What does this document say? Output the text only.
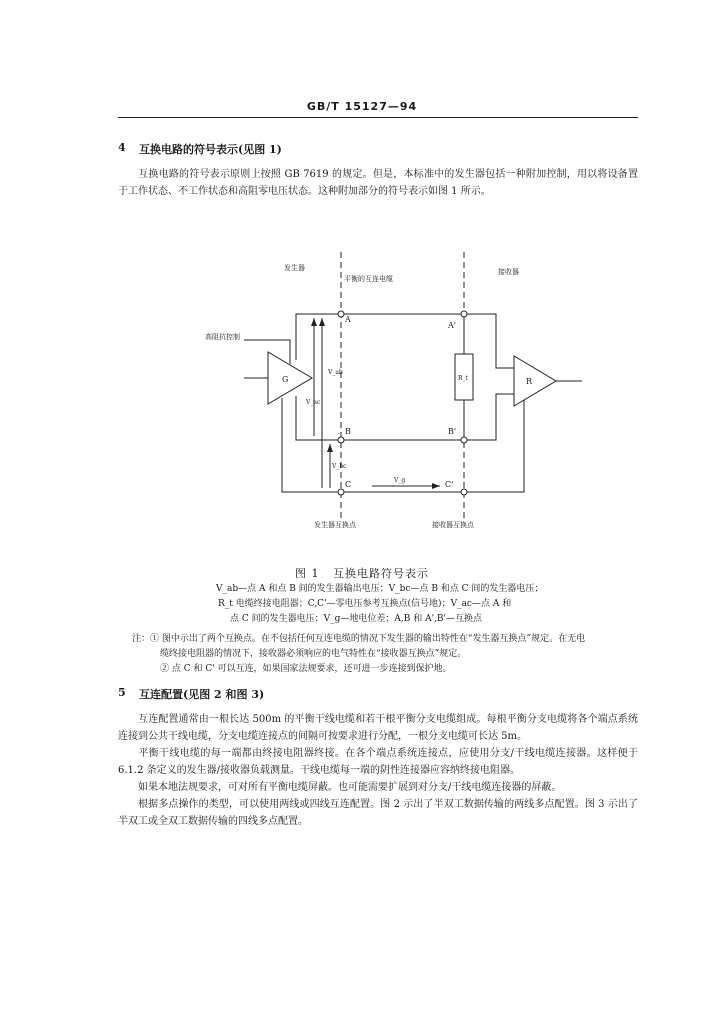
GB/T 15127—94
4 互换电路的符号表示(见图 1)
互换电路的符号表示原则上按照 GB 7619 的规定。但是，本标准中的发生器包括一种附加控制，用以将设备置于工作状态、不工作状态和高阻零电压状态。这种附加部分的符号表示如图 1 所示。
发生器
平衡的互连电缆
接收器
高阻抗控制
发生器互换点	接收器互换点
A
A'
B	B'
C	C'
G	R
R_t
V_ab
V_ac
V_bc
V_g
图 1 互换电路符号表示
V_ab—点 A 和点 B 间的发生器输出电压；V_bc—点 B 和点 C 间的发生器电压；
R_t 电缆终接电阻器；C,C'—零电压参考互换点(信号地)；V_ac—点 A 和
点 C 间的发生器电压；V_g—地电位差；A,B 和 A',B'—互换点
注：① 图中示出了两个互换点。在不包括任何互连电缆的情况下发生器的输出特性在“发生器互换点”规定。在无电
缆终接电阻器的情况下，接收器必须响应的电气特性在“接收器互换点”规定。
② 点 C 和 C' 可以互连，如果国家法规要求，还可进一步连接到保护地。
5 互连配置(见图 2 和图 3)
互连配置通常由一根长达 500m 的平衡干线电缆和若干根平衡分支电缆组成。每根平衡分支电缆将各个端点系统连接到公共干线电缆，分支电缆连接点的间隔可按要求进行分配，一根分支电缆可长达 5m。
平衡干线电缆的每一端都由终接电阻器终接。在各个端点系统连接点，应使用分支/干线电缆连接器。这样便于 6.1.2 条定义的发生器/接收器负载测量。干线电缆每一端的阴性连接器应容纳终接电阻器。
如果本地法规要求，可对所有平衡电缆屏蔽。也可能需要扩展到对分支/干线电缆连接器的屏蔽。
根据多点操作的类型，可以使用两线或四线互连配置。图 2 示出了半双工数据传输的两线多点配置。图 3 示出了半双工或全双工数据传输的四线多点配置。
